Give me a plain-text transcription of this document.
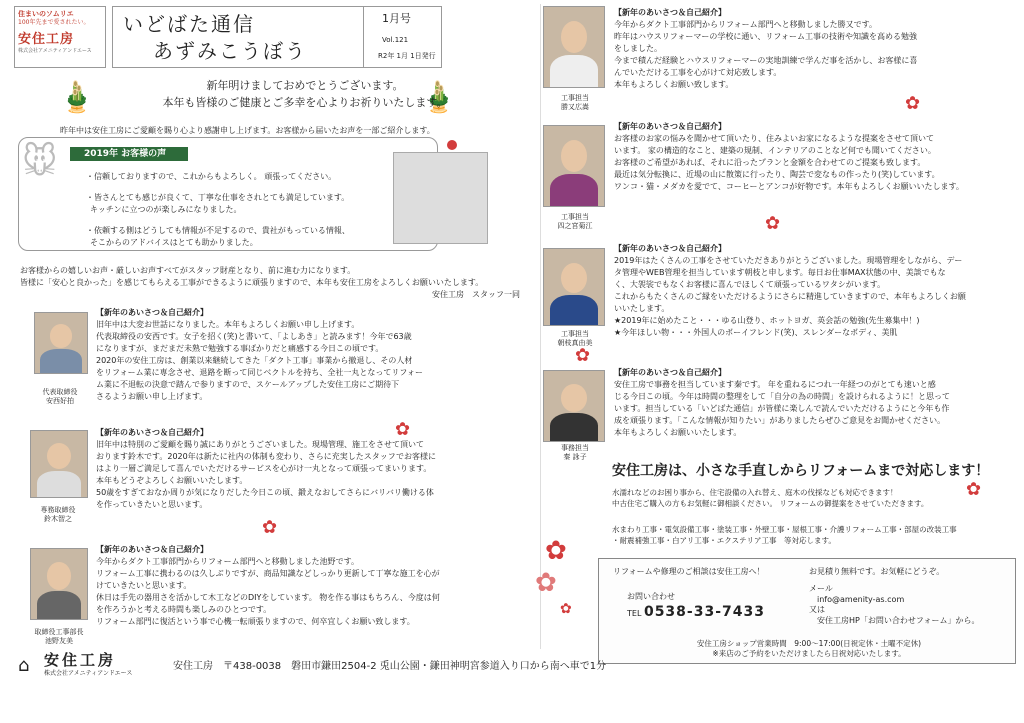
住まいのソムリエ
100年先まで愛されたい。
安住工房
株式会社アメニティアンドエース
いどばた通信
あずみこうぼう
1月号
Vol.121
R2年 1月 1日発行
🎍	🎍
新年明けましておめでとうございます。
本年も皆様のご健康とご多幸を心よりお祈りいたします。
昨年中は安住工房にご愛顧を賜り心より感謝申し上げます。お客様から届いたお声を一部ご紹介します。
🐭	2019年 お客様の声
・信頼しておりますので、これからもよろしく。 頑張ってください。
・皆さんとても感じが良くて、丁寧な仕事をされとても満足しています。
キッチンに立つのが楽しみになりました。
・依頼する側はどうしても情報が不足するので、貴社がもっている情報、
そこからのアドバイスはとても助かりました。
お客様からの嬉しいお声・厳しいお声すべてがスタッフ財産となり、前に進む力になります。
皆様に「安心と良かった」を感じてもらえる工事ができるように頑張りますので、本年も安住工房をよろしくお願いいたします。
安住工房　スタッフ一同
【新年のあいさつ＆自己紹介】
旧年中は大変お世話になりました。本年もよろしくお願い申し上げます。
代表取締役の安西です。女子を招く(笑)と書いて、「よしあき」と読みます！今年で63歳
になりますが、まだまだ未熟で勉強する事ばかりだと痛感する今日この頃です。
2020年の安住工房は、創業以来継続してきた「ダクト工事」事業から撤退し、その人材
をリフォーム業に専念させ、退路を断って同じベクトルを持ち、全社一丸となってリフォー
ム業に不退転の決意で踏んで参りますので、スケールアップした安住工房にご期待下
さるようお願い申し上げます。
代表取締役
安西好拍
【新年のあいさつ＆自己紹介】
旧年中は特別のご愛顧を賜り誠にありがとうございました。現場管理、施工をさせて頂いて
おります鈴木です。2020年は新たに社内の体制も変わり、さらに充実したスタッフでお客様に
はより一層ご満足して喜んでいただけるサービスを心がけ一丸となって頑張ってまいります。
本年もどうぞよろしくお願いいたします。
50歳をすぎておなか周りが気になりだした今日この頃、鍛えなおしてさらにバリバリ働ける体
を作っていきたいと思います。
専務取締役
鈴木智之
【新年のあいさつ＆自己紹介】
今年からダクト工事部門からリフォーム部門へと移動しました池野です。
リフォーム工事に携わるのは久しぶりですが、商品知識などしっかり更新して丁寧な施工を心が
けていきたいと思います。
休日は手先の器用さを活かして木工などのDIYをしています。 物を作る事はもちろん、今度は何
を作ろうかと考える時間も楽しみのひとつです。
リフォーム部門に復活という事で心機一転頑張りますので、何卒宜しくお願い致します。
取締役工事部長
池野友美
【新年のあいさつ＆自己紹介】
今年からダクト工事部門からリフォーム部門へと移動しました勝又です。
昨年はハウスリフォーマーの学校に通い、リフォーム工事の技術や知識を高める勉強
をしました。
今まで積んだ経験とハウスリフォーマーの実地訓練で学んだ事を活かし、お客様に喜
んでいただける工事を心がけて対応致します。
本年もよろしくお願い致します。
工事担当
勝又広嵩
【新年のあいさつ＆自己紹介】
お客様のお家の悩みを聞かせて頂いたり、住みよいお家になるような提案をさせて頂いて
います。 家の構造的なこと、建築の規制、インテリアのことなど何でも聞いてください。
お客様のご希望があれば、それに沿ったプランと金額を合わせてのご提案も致します。
最近は気分転換に、近場の山に散策に行ったり、陶芸で変なもの作ったり(笑)しています。
ワンコ・猫・メダカを愛でて、コーヒーとアンコが好物です。本年もよろしくお願いいたします。
工事担当
四之宮菊江
【新年のあいさつ＆自己紹介】
2019年はたくさんの工事をさせていただきありがとうございました。現場管理をしながら、デー
タ管理やWEB管理を担当しています朝枝と申します。毎日お仕事MAX状態の中、美談でもな
く、大袈裟でもなくお客様に喜んでほしくて頑張っているワタシがいます。
これからもたくさんのご縁をいただけるようにさらに精進していきますので、本年もよろしくお願
いいたします。
★2019年に始めたこと・・・ゆる山登り、ホットヨガ、英会話の勉強(先生募集中！)
★今年ほしい物・・・外国人のボーイフレンド(笑)、スレンダーなボディ、美肌
工事担当
朝枝真由美
【新年のあいさつ＆自己紹介】
安住工房で事務を担当しています秦です。 年を重ねるにつれ一年経つのがとても速いと感
じる今日この頃。今年は時間の整理をして「自分の為の時間」を設けられるように！と思って
います。担当している「いどばた通信」が皆様に楽しんで読んでいただけるようにと今年も作
成を頑張ります。「こんな情報が知りたい」がありましたらぜひご意見をお聞かせください。
本年もよろしくお願いいたします。
事務担当
秦 詠子
✿
✿
✿
✿
✿
✿
✿
✿
✿
安住工房は、小さな手直しからリフォームまで対応します！
水濡れなどのお困り事から、住宅設備の入れ替え、庭木の伐採なども対応できます！
中古住宅ご購入の方もお気軽に御相談ください。 リフォームの御提案をさせていただきます。
水まわり工事・電気設備工事・塗装工事・外壁工事・屋根工事・介護リフォーム工事・部屋の改装工事
・耐震補強工事・白アリ工事・エクステリア工事　等対応します。
リフォームや修理のご相談は安住工房へ！
お問い合わせ
TEL 0538-33-7433
お見積り無料です。お気軽にどうぞ。
メール
info@amenity-as.com
又は
安住工房HP「お問い合わせフォーム」から。
安住工房ショップ営業時間　9:00～17:00(日祝定休・土曜不定休)
※来店のご予約をいただけましたら日祝対応いたします。
⌂ 安住工房
株式会社アメニティアンドエース
安住工房　〒438-0038　磐田市鎌田2504-2 兎山公園・鎌田神明宮参道入り口から南へ車で1分
